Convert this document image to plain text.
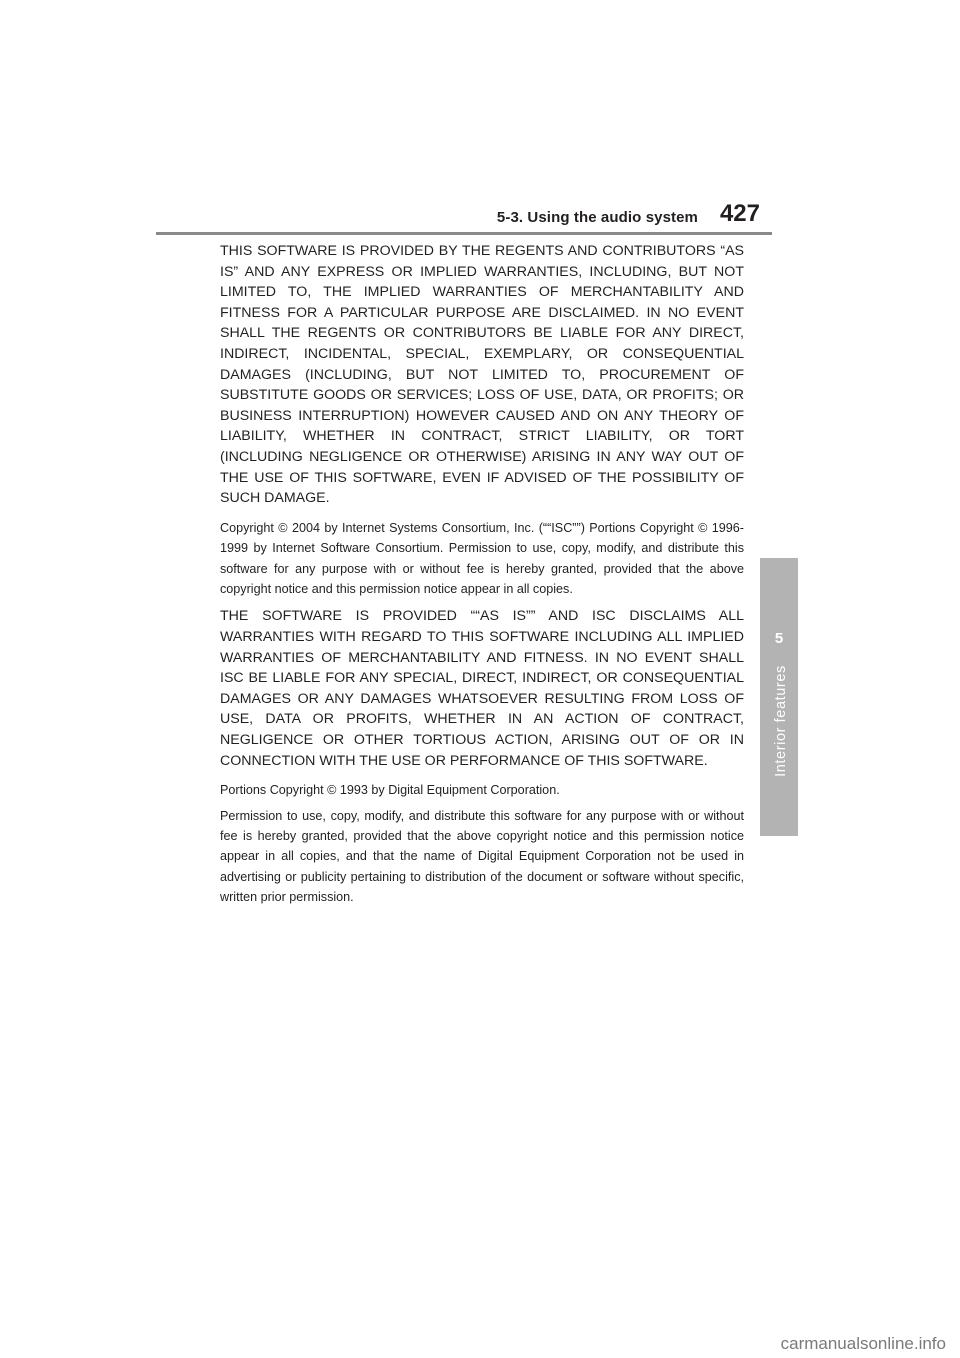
5-3. Using the audio system 427
5
Interior features

THIS SOFTWARE IS PROVIDED BY THE REGENTS AND CONTRIBUTORS “AS IS” AND ANY EXPRESS OR IMPLIED WARRANTIES, INCLUDING, BUT NOT LIMITED TO, THE IMPLIED WARRANTIES OF MERCHANTABILITY AND FITNESS FOR A PARTICULAR PURPOSE ARE DISCLAIMED. IN NO EVENT SHALL THE REGENTS OR CONTRIBUTORS BE LIABLE FOR ANY DIRECT, INDIRECT, INCIDENTAL, SPECIAL, EXEMPLARY, OR CONSEQUENTIAL DAMAGES (INCLUDING, BUT NOT LIMITED TO, PROCUREMENT OF SUBSTITUTE GOODS OR SERVICES; LOSS OF USE, DATA, OR PROFITS; OR BUSINESS INTERRUPTION) HOWEVER CAUSED AND ON ANY THEORY OF LIABILITY, WHETHER IN CONTRACT, STRICT LIABILITY, OR TORT (INCLUDING NEGLIGENCE OR OTHERWISE) ARISING IN ANY WAY OUT OF THE USE OF THIS SOFTWARE, EVEN IF ADVISED OF THE POSSIBILITY OF SUCH DAMAGE.

Copyright © 2004 by Internet Systems Consortium, Inc. (““ISC””) Portions Copyright © 1996-1999 by Internet Software Consortium. Permission to use, copy, modify, and distribute this software for any purpose with or without fee is hereby granted, provided that the above copyright notice and this permission notice appear in all copies.

THE SOFTWARE IS PROVIDED ““AS IS”” AND ISC DISCLAIMS ALL WARRANTIES WITH REGARD TO THIS SOFTWARE INCLUDING ALL IMPLIED WARRANTIES OF MERCHANTABILITY AND FITNESS. IN NO EVENT SHALL ISC BE LIABLE FOR ANY SPECIAL, DIRECT, INDIRECT, OR CONSEQUENTIAL DAMAGES OR ANY DAMAGES WHATSOEVER RESULTING FROM LOSS OF USE, DATA OR PROFITS, WHETHER IN AN ACTION OF CONTRACT, NEGLIGENCE OR OTHER TORTIOUS ACTION, ARISING OUT OF OR IN CONNECTION WITH THE USE OR PERFORMANCE OF THIS SOFTWARE.

Portions Copyright © 1993 by Digital Equipment Corporation.

Permission to use, copy, modify, and distribute this software for any purpose with or without fee is hereby granted, provided that the above copyright notice and this permission notice appear in all copies, and that the name of Digital Equipment Corporation not be used in advertising or publicity pertaining to distribution of the document or software without specific, written prior permission.

carmanualsonline.info
